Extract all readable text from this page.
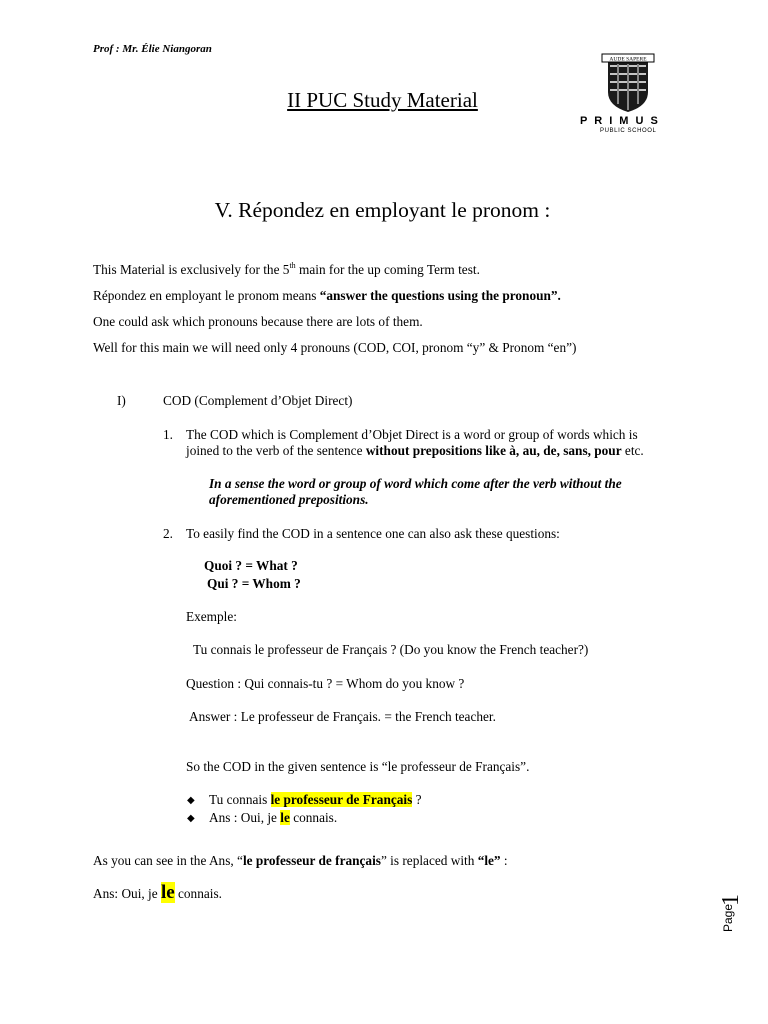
Prof : Mr. Élie Niangoran
II PUC Study Material
AUDE SAPERE
P R I M U S
PUBLIC SCHOOL
V. Répondez en employant le pronom :
This Material is exclusively for the 5th main for the up coming Term test.
Répondez en employant le pronom means “answer the questions using the pronoun”.
One could ask which pronouns because there are lots of them.
Well for this main we will need only 4 pronouns (COD, COI, pronom “y” & Pronom “en”)
I)	COD (Complement d’Objet Direct)
1. The COD which is Complement d’Objet Direct is a word or group of words which is
joined to the verb of the sentence without prepositions like à, au, de, sans, pour etc.
In a sense the word or group of word which come after the verb without the
aforementioned prepositions.
2. To easily find the COD in a sentence one can also ask these questions:
Quoi ? = What ?
Qui ? = Whom ?
Exemple:
Tu connais le professeur de Français ? (Do you know the French teacher?)
Question : Qui connais-tu ? = Whom do you know ?
Answer : Le professeur de Français. = the French teacher.
So the COD in the given sentence is “le professeur de Français”.
◆ Tu connais le professeur de Français ?
◆ Ans : Oui, je le connais.
As you can see in the Ans, “le professeur de français” is replaced with “le” :
Ans: Oui, je le connais.
Page
1
